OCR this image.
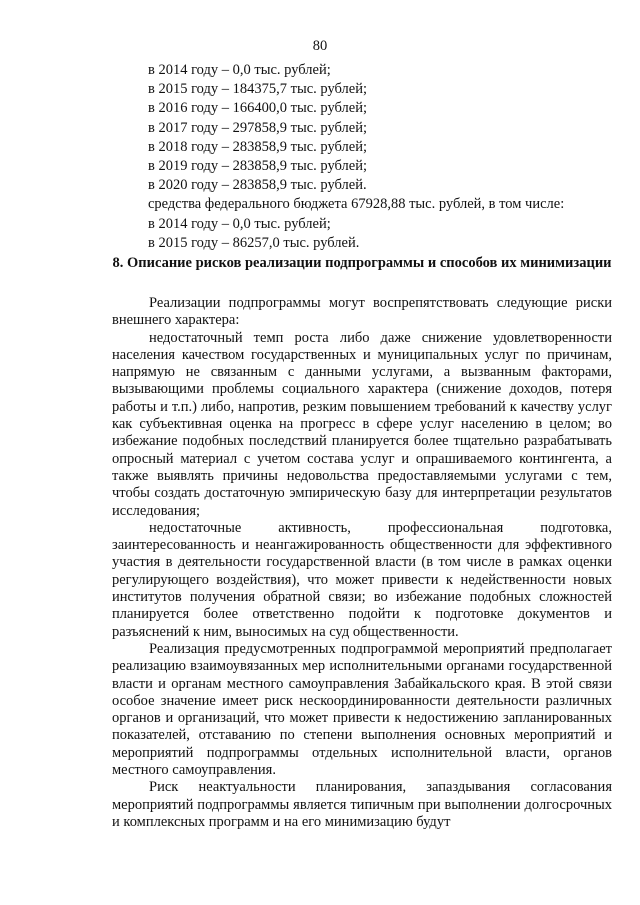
80
в 2014 году – 0,0 тыс. рублей;
в 2015 году – 184375,7 тыс. рублей;
в 2016 году – 166400,0 тыс. рублей;
в 2017 году – 297858,9 тыс. рублей;
в 2018 году – 283858,9 тыс. рублей;
в 2019 году – 283858,9 тыс. рублей;
в 2020 году – 283858,9 тыс. рублей.
средства федерального бюджета 67928,88 тыс. рублей, в том числе:
в 2014 году – 0,0 тыс. рублей;
в 2015 году – 86257,0 тыс. рублей.
8. Описание рисков реализации подпрограммы и способов их минимизации

Реализации подпрограммы могут воспрепятствовать следующие риски внешнего характера:

недостаточный темп роста либо даже снижение удовлетворенности населения качеством государственных и муниципальных услуг по причинам, напрямую не связанным с данными услугами, а вызванным факторами, вызывающими проблемы социального характера (снижение доходов, потеря работы и т.п.) либо, напротив, резким повышением требований к качеству услуг как субъективная оценка на прогресс в сфере услуг населению в целом; во избежание подобных последствий планируется более тщательно разрабатывать опросный материал с учетом состава услуг и опрашиваемого контингента, а также выявлять причины недовольства предоставляемыми услугами с тем, чтобы создать достаточную эмпирическую базу для интерпретации результатов исследования;

недостаточные активность, профессиональная подготовка, заинтересованность и неангажированность общественности для эффективного участия в деятельности государственной власти (в том числе в рамках оценки регулирующего воздействия), что может привести к недейственности новых институтов получения обратной связи; во избежание подобных сложностей планируется более ответственно подойти к подготовке документов и разъяснений к ним, выносимых на суд общественности.

Реализация предусмотренных подпрограммой мероприятий предполагает реализацию взаимоувязанных мер исполнительными органами государственной власти и органам местного самоуправления Забайкальского края. В этой связи особое значение имеет риск нескоординированности деятельности различных органов и организаций, что может привести к недостижению запланированных показателей, отставанию по степени выполнения основных мероприятий и мероприятий подпрограммы отдельных исполнительной власти, органов местного самоуправления.

Риск неактуальности планирования, запаздывания согласования мероприятий подпрограммы является типичным при выполнении долгосрочных и комплексных программ и на его минимизацию будут
